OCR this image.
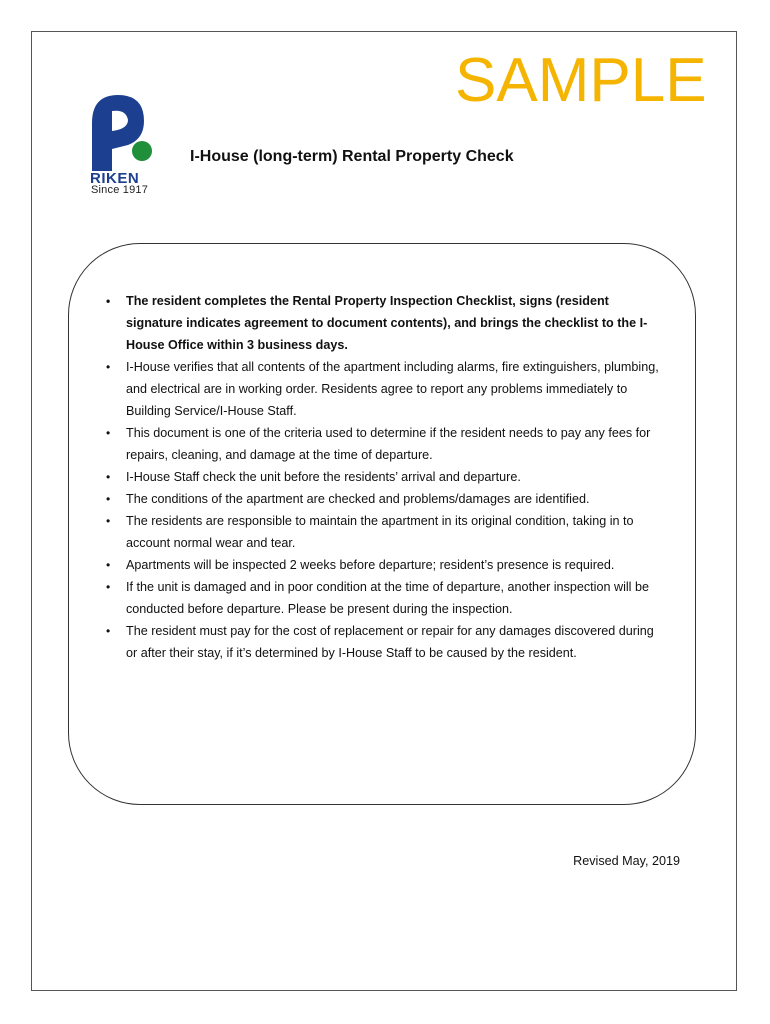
SAMPLE
RIKEN
Since 1917
I-House (long-term) Rental Property Check
• The resident completes the Rental Property Inspection Checklist, signs (resident signature indicates agreement to document contents), and brings the checklist to the I-House Office within 3 business days.
• I-House verifies that all contents of the apartment including alarms, fire extinguishers, plumbing, and electrical are in working order. Residents agree to report any problems immediately to Building Service/I-House Staff.
• This document is one of the criteria used to determine if the resident needs to pay any fees for repairs, cleaning, and damage at the time of departure.
• I-House Staff check the unit before the residents’ arrival and departure.
• The conditions of the apartment are checked and problems/damages are identified.
• The residents are responsible to maintain the apartment in its original condition, taking in to account normal wear and tear.
• Apartments will be inspected 2 weeks before departure; resident’s presence is required.
• If the unit is damaged and in poor condition at the time of departure, another inspection will be conducted before departure. Please be present during the inspection.
• The resident must pay for the cost of replacement or repair for any damages discovered during or after their stay, if it’s determined by I-House Staff to be caused by the resident.
Revised May, 2019
